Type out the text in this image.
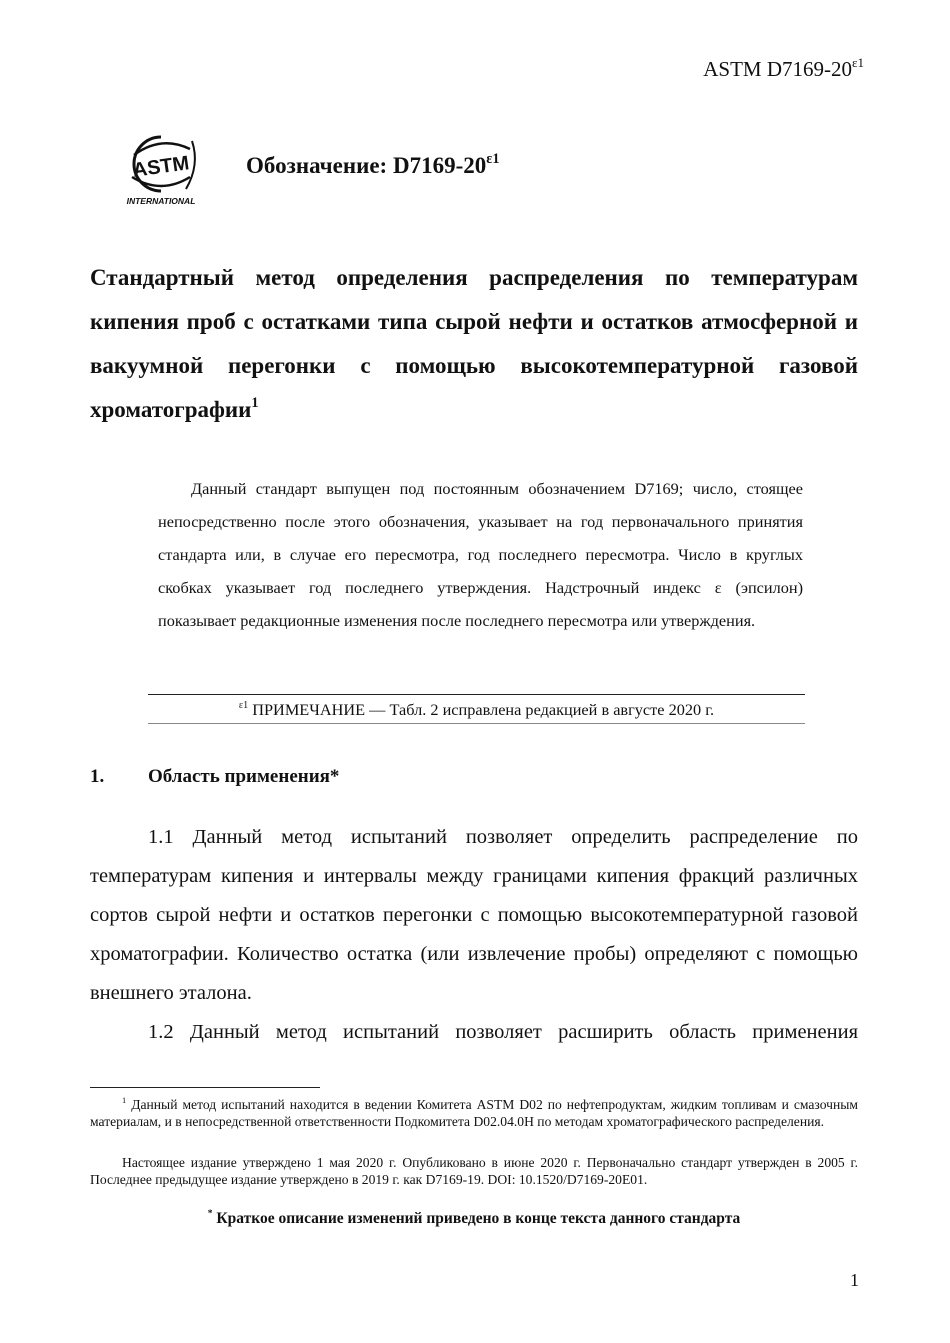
ASTM $D7169-20^{\varepsilon 1}$
ASTM
INTERNATIONAL
Обозначение: $D7169-20^{\varepsilon 1}$
Стандартный метод определения распределения по температурам кипения проб с остатками типа сырой нефти и остатков атмосферной и вакуумной перегонки с помощью высокотемпературной газовой хроматографии$^1$
Данный стандарт выпущен под постоянным обозначением D7169; число, стоящее непосредственно после этого обозначения, указывает на год первоначального принятия стандарта или, в случае его пересмотра, год последнего пересмотра. Число в круглых скобках указывает год последнего утверждения. Надстрочный индекс ε (эпсилон) показывает редакционные изменения после последнего пересмотра или утверждения.
$^{\varepsilon 1}$ ПРИМЕЧАНИЕ — Табл. 2 исправлена редакцией в августе 2020 г.
1. Область применения*
1.1 Данный метод испытаний позволяет определить распределение по температурам кипения и интервалы между границами кипения фракций различных сортов сырой нефти и остатков перегонки с помощью высокотемпературной газовой хроматографии. Количество остатка (или извлечение пробы) определяют с помощью внешнего эталона.
1.2 Данный метод испытаний позволяет расширить область применения
$^1$ Данный метод испытаний находится в ведении Комитета ASTM D02 по нефтепродуктам, жидким топливам и смазочным материалам, и в непосредственной ответственности Подкомитета D02.04.0H по методам хроматографического распределения.
Настоящее издание утверждено 1 мая 2020 г. Опубликовано в июне 2020 г. Первоначально стандарт утвержден в 2005 г. Последнее предыдущее издание утверждено в 2019 г. как D7169-19. DOI: 10.1520/D7169-20E01.
* Краткое описание изменений приведено в конце текста данного стандарта
1
